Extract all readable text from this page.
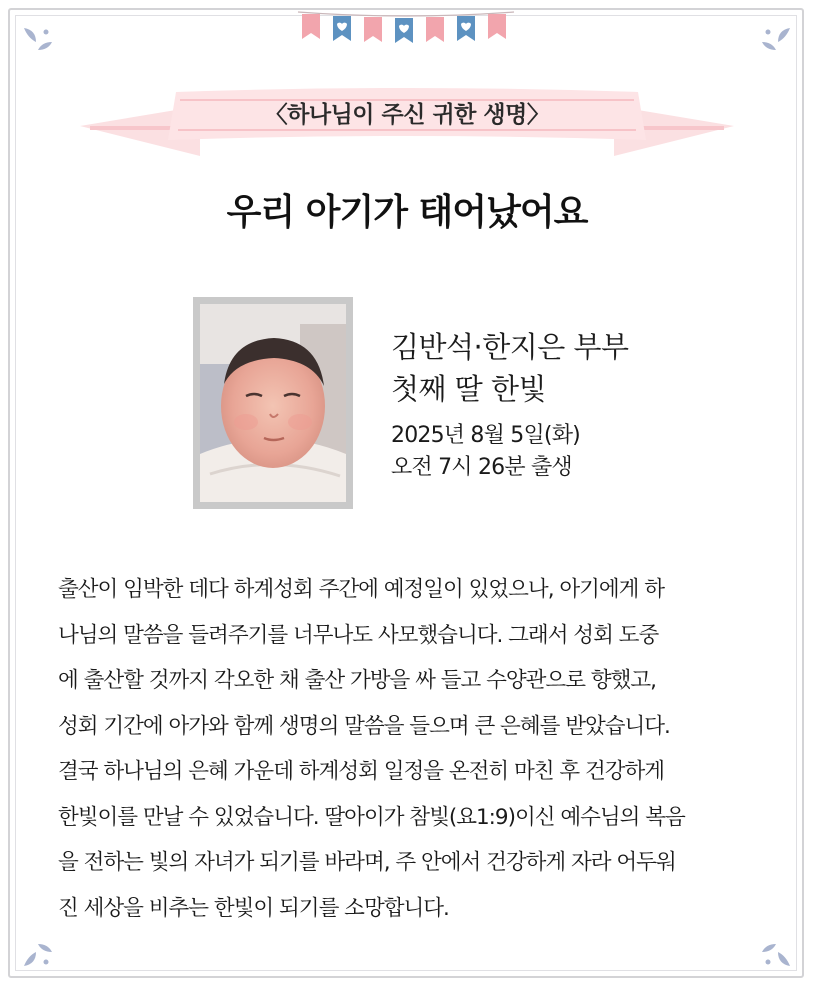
〈하나님이 주신 귀한 생명〉
우리 아기가 태어났어요
김반석·한지은 부부
첫째 딸 한빛
2025년 8월 5일(화)
오전 7시 26분 출생
출산이 임박한 데다 하계성회 주간에 예정일이 있었으나, 아기에게 하
나님의 말씀을 들려주기를 너무나도 사모했습니다. 그래서 성회 도중
에 출산할 것까지 각오한 채 출산 가방을 싸 들고 수양관으로 향했고,
성회 기간에 아가와 함께 생명의 말씀을 들으며 큰 은혜를 받았습니다.
결국 하나님의 은혜 가운데 하계성회 일정을 온전히 마친 후 건강하게
한빛이를 만날 수 있었습니다. 딸아이가 참빛(요1:9)이신 예수님의 복음
을 전하는 빛의 자녀가 되기를 바라며, 주 안에서 건강하게 자라 어두워
진 세상을 비추는 한빛이 되기를 소망합니다.
